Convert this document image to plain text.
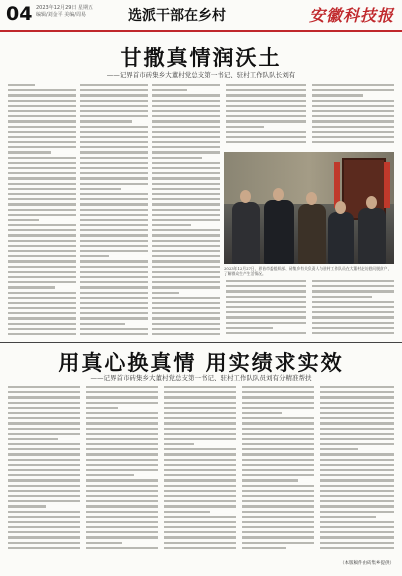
04 2023年12月29日 星期五
编辑/刘金平 美编/周易	选派干部在乡村	安徽科技报
甘撒真情润沃土
——记界首市砖集乡大董村党总支第一书记、驻村工作队队长刘有
2023年12月27日，界首市委组织部、砖集乡有关负责人与驻村工作队员在大董村走访慰问脱贫户，了解群众生产生活情况。
用真心换真情 用实绩求实效
——记界首市砖集乡大董村党总支第一书记、驻村工作队队员刘有分精准帮扶
（本版稿件由砖集乡提供）
